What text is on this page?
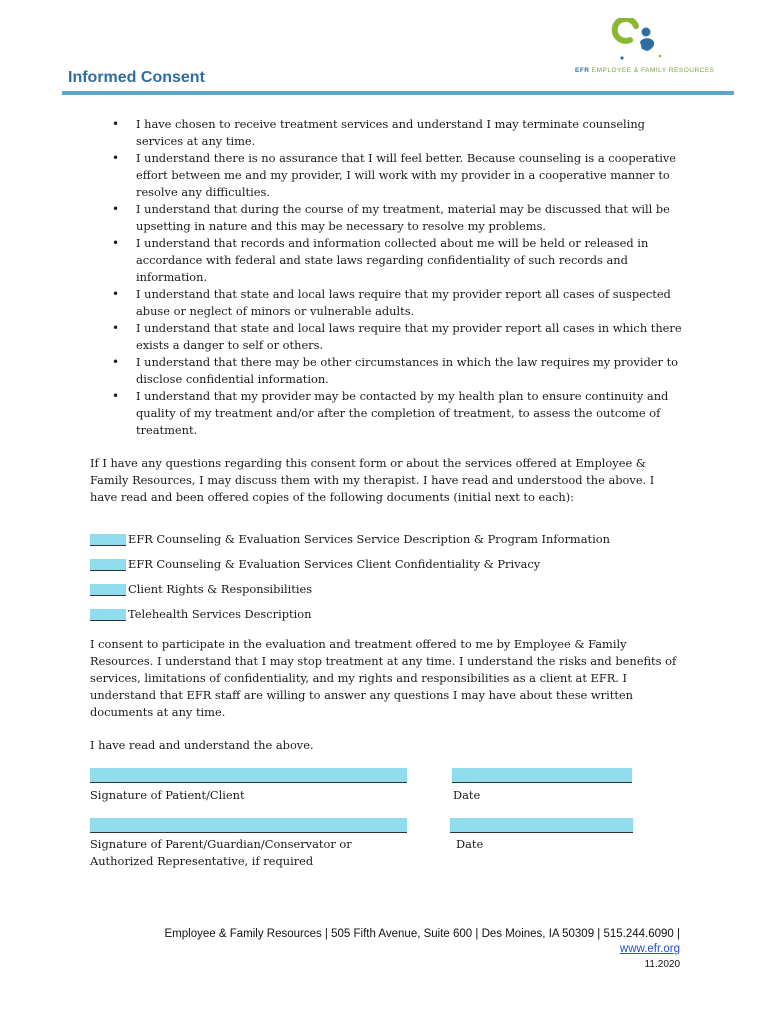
EFR EMPLOYEE & FAMILY RESOURCES
Informed Consent
• I have chosen to receive treatment services and understand I may terminate counseling services at any time.
• I understand there is no assurance that I will feel better. Because counseling is a cooperative effort between me and my provider, I will work with my provider in a cooperative manner to resolve any difficulties.
• I understand that during the course of my treatment, material may be discussed that will be upsetting in nature and this may be necessary to resolve my problems.
• I understand that records and information collected about me will be held or released in accordance with federal and state laws regarding confidentiality of such records and information.
• I understand that state and local laws require that my provider report all cases of suspected abuse or neglect of minors or vulnerable adults.
• I understand that state and local laws require that my provider report all cases in which there exists a danger to self or others.
• I understand that there may be other circumstances in which the law requires my provider to disclose confidential information.
• I understand that my provider may be contacted by my health plan to ensure continuity and quality of my treatment and/or after the completion of treatment, to assess the outcome of treatment.

If I have any questions regarding this consent form or about the services offered at Employee & Family Resources, I may discuss them with my therapist. I have read and understood the above. I have read and been offered copies of the following documents (initial next to each):

EFR Counseling & Evaluation Services Service Description & Program Information
EFR Counseling & Evaluation Services Client Confidentiality & Privacy
Client Rights & Responsibilities
Telehealth Services Description

I consent to participate in the evaluation and treatment offered to me by Employee & Family Resources. I understand that I may stop treatment at any time. I understand the risks and benefits of services, limitations of confidentiality, and my rights and responsibilities as a client at EFR. I understand that EFR staff are willing to answer any questions I may have about these written documents at any time.

I have read and understand the above.

Signature of Patient/Client	Date

Signature of Parent/Guardian/Conservator or
Authorized Representative, if required

Date

Employee & Family Resources | 505 Fifth Avenue, Suite 600 | Des Moines, IA 50309 | 515.244.6090 |
www.efr.org
11.2020
